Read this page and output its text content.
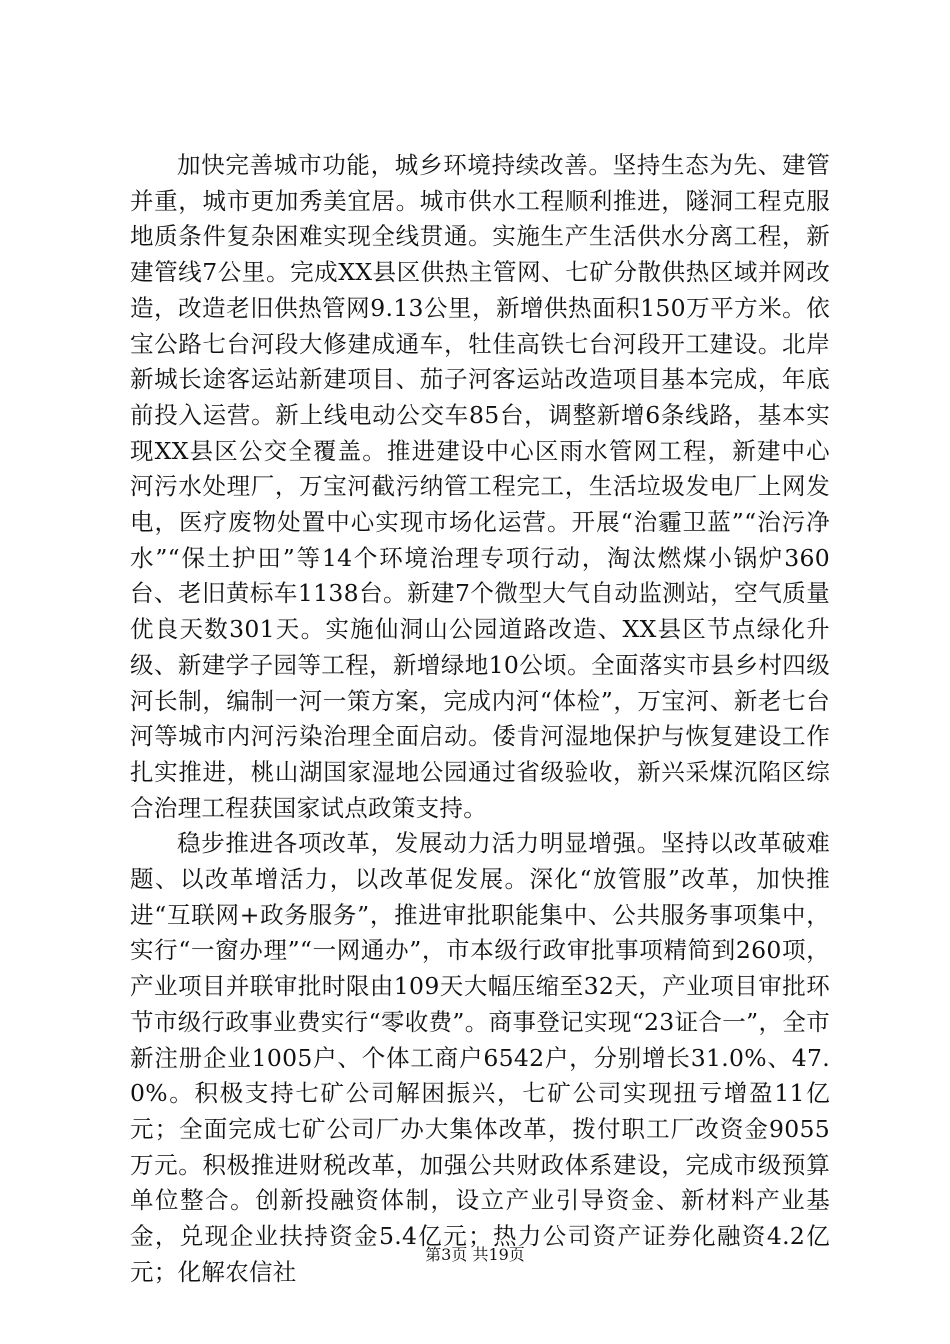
加快完善城市功能，城乡环境持续改善。坚持生态为先、建管并重，城市更加秀美宜居。城市供水工程顺利推进，隧洞工程克服地质条件复杂困难实现全线贯通。实施生产生活供水分离工程，新建管线7公里。完成XX县区供热主管网、七矿分散供热区域并网改造，改造老旧供热管网9.13公里，新增供热面积150万平方米。依宝公路七台河段大修建成通车，牡佳高铁七台河段开工建设。北岸新城长途客运站新建项目、茄子河客运站改造项目基本完成，年底前投入运营。新上线电动公交车85台，调整新增6条线路，基本实现XX县区公交全覆盖。推进建设中心区雨水管网工程，新建中心河污水处理厂，万宝河截污纳管工程完工，生活垃圾发电厂上网发电，医疗废物处置中心实现市场化运营。开展“治霾卫蓝”“治污净水”“保土护田”等14个环境治理专项行动，淘汰燃煤小锅炉360台、老旧黄标车1138台。新建7个微型大气自动监测站，空气质量优良天数301天。实施仙洞山公园道路改造、XX县区节点绿化升级、新建学子园等工程，新增绿地10公顷。全面落实市县乡村四级河长制，编制一河一策方案，完成内河“体检”，万宝河、新老七台河等城市内河污染治理全面启动。倭肯河湿地保护与恢复建设工作扎实推进，桃山湖国家湿地公园通过省级验收，新兴采煤沉陷区综合治理工程获国家试点政策支持。

稳步推进各项改革，发展动力活力明显增强。坚持以改革破难题、以改革增活力，以改革促发展。深化“放管服”改革，加快推进“互联网+政务服务”，推进审批职能集中、公共服务事项集中，实行“一窗办理”“一网通办”，市本级行政审批事项精简到260项，产业项目并联审批时限由109天大幅压缩至32天，产业项目审批环节市级行政事业费实行“零收费”。商事登记实现“23证合一”，全市新注册企业1005户、个体工商户6542户，分别增长31.0%、47.0%。积极支持七矿公司解困振兴，七矿公司实现扭亏增盈11亿元；全面完成七矿公司厂办大集体改革，拨付职工厂改资金9055万元。积极推进财税改革，加强公共财政体系建设，完成市级预算单位整合。创新投融资体制，设立产业引导资金、新材料产业基金，兑现企业扶持资金5.4亿元；热力公司资产证券化融资4.2亿元；化解农信社

第3页 共19页
